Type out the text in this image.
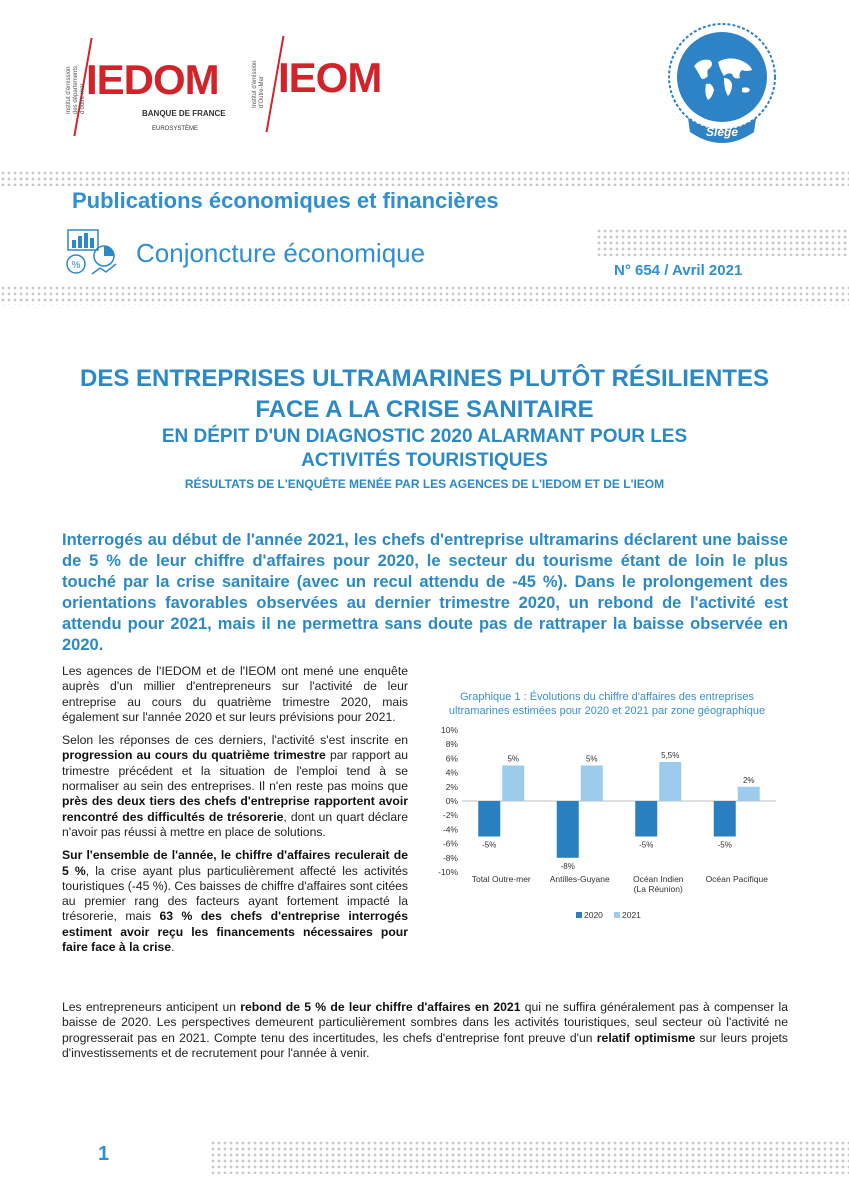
Institut d'émission des départements d'outre-mer IEDOM
BANQUE DE FRANCE
EUROSYSTÈME
Institut d'émission d'Outre-Mer IEOM
Siège
Publications économiques et financières
% Conjoncture économique
N° 654 / Avril 2021
DES ENTREPRISES ULTRAMARINES PLUTÔT RÉSILIENTES
FACE A LA CRISE SANITAIRE
EN DÉPIT D'UN DIAGNOSTIC 2020 ALARMANT POUR LES
ACTIVITÉS TOURISTIQUES
RÉSULTATS DE L'ENQUÊTE MENÉE PAR LES AGENCES DE L'IEDOM ET DE L'IEOM
Interrogés au début de l'année 2021, les chefs d'entreprise ultramarins déclarent une baisse de 5 % de leur chiffre d'affaires pour 2020, le secteur du tourisme étant de loin le plus touché par la crise sanitaire (avec un recul attendu de -45 %). Dans le prolongement des orientations favorables observées au dernier trimestre 2020, un rebond de l'activité est attendu pour 2021, mais il ne permettra sans doute pas de rattraper la baisse observée en 2020.

Les agences de l'IEDOM et de l'IEOM ont mené une enquête auprès d'un millier d'entrepreneurs sur l'activité de leur entreprise au cours du quatrième trimestre 2020, mais également sur l'année 2020 et sur leurs prévisions pour 2021.

Selon les réponses de ces derniers, l'activité s'est inscrite en progression au cours du quatrième trimestre par rapport au trimestre précédent et la situation de l'emploi tend à se normaliser au sein des entreprises. Il n'en reste pas moins que près des deux tiers des chefs d'entreprise rapportent avoir rencontré des difficultés de trésorerie, dont un quart déclare n'avoir pas réussi à mettre en place de solutions.

Sur l'ensemble de l'année, le chiffre d'affaires reculerait de 5 %, la crise ayant plus particulièrement affecté les activités touristiques (-45 %). Ces baisses de chiffre d'affaires sont citées au premier rang des facteurs ayant fortement impacté la trésorerie, mais 63 % des chefs d'entreprise interrogés estiment avoir reçu les financements nécessaires pour faire face à la crise.

Graphique 1 : Évolutions du chiffre d'affaires des entreprises ultramarines estimées pour 2020 et 2021 par zone géographique
10%
8%
6%
4%
2%
0%
-2%
-4%
-6%
-8%
-10%
-5%
5%
Total Outre-mer
-8%
5%
Antilles-Guyane
-5%
5,5%
Océan Indien
(La Réunion)
-5%
2%
Océan Pacifique
2020 2021
Les entrepreneurs anticipent un rebond de 5 % de leur chiffre d'affaires en 2021 qui ne suffira généralement pas à compenser la baisse de 2020. Les perspectives demeurent particulièrement sombres dans les activités touristiques, seul secteur où l'activité ne progresserait pas en 2021. Compte tenu des incertitudes, les chefs d'entreprise font preuve d'un relatif optimisme sur leurs projets d'investissements et de recrutement pour l'année à venir.
1
